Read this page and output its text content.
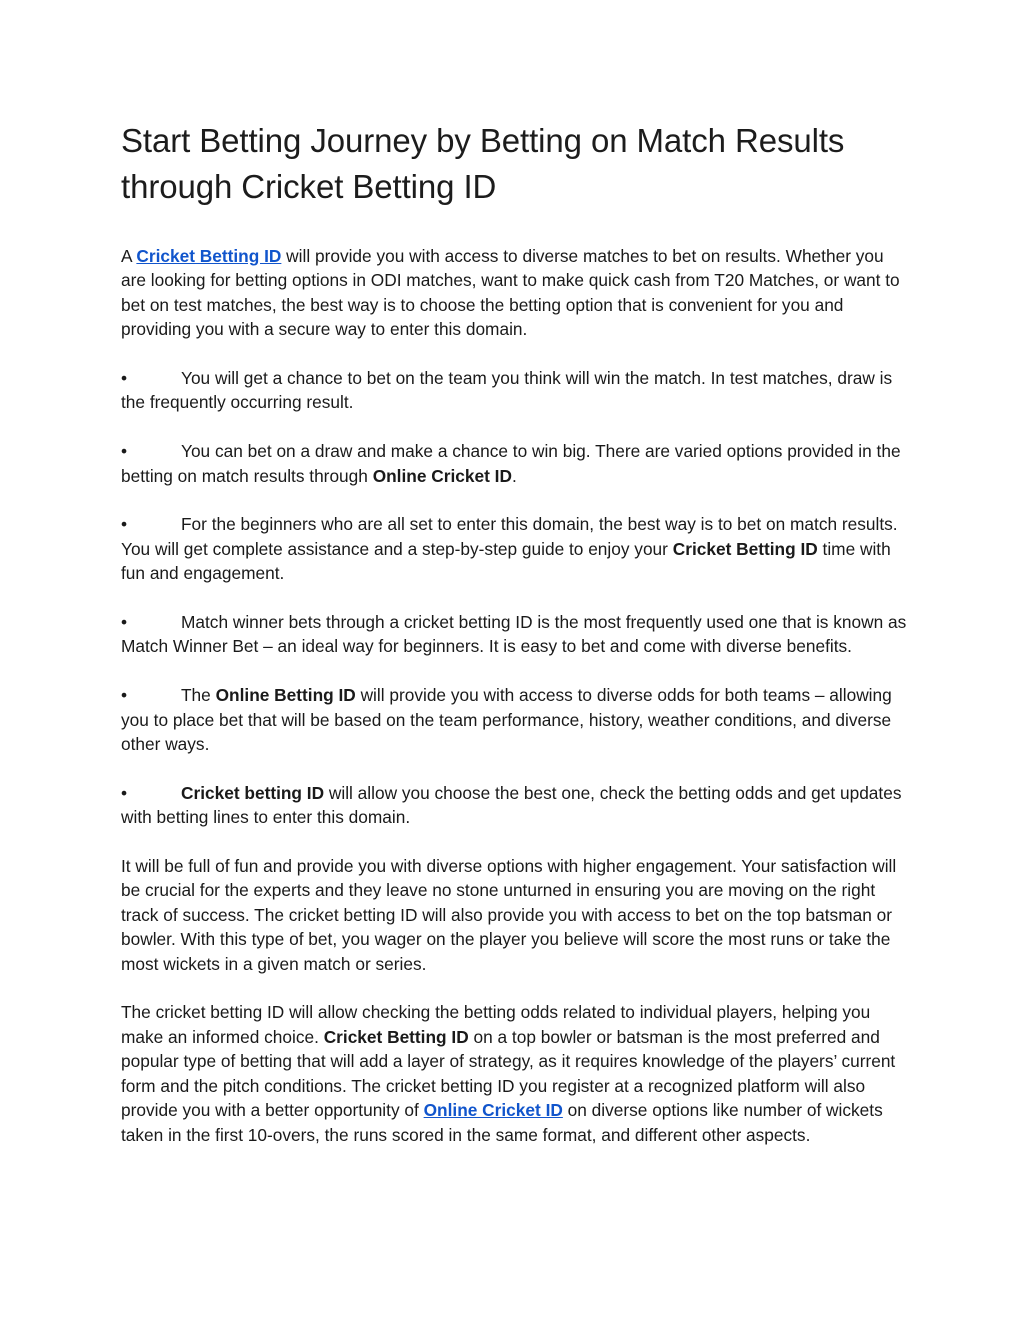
Start Betting Journey by Betting on Match Results through Cricket Betting ID

A Cricket Betting ID will provide you with access to diverse matches to bet on results. Whether you are looking for betting options in ODI matches, want to make quick cash from T20 Matches, or want to bet on test matches, the best way is to choose the betting option that is convenient for you and providing you with a secure way to enter this domain.

•	You will get a chance to bet on the team you think will win the match. In test matches, draw is the frequently occurring result.

•	You can bet on a draw and make a chance to win big. There are varied options provided in the betting on match results through Online Cricket ID.

•	For the beginners who are all set to enter this domain, the best way is to bet on match results. You will get complete assistance and a step-by-step guide to enjoy your Cricket Betting ID time with fun and engagement.

•	Match winner bets through a cricket betting ID is the most frequently used one that is known as Match Winner Bet – an ideal way for beginners. It is easy to bet and come with diverse benefits.

•	The Online Betting ID will provide you with access to diverse odds for both teams – allowing you to place bet that will be based on the team performance, history, weather conditions, and diverse other ways.

•	Cricket betting ID will allow you choose the best one, check the betting odds and get updates with betting lines to enter this domain.

It will be full of fun and provide you with diverse options with higher engagement. Your satisfaction will be crucial for the experts and they leave no stone unturned in ensuring you are moving on the right track of success. The cricket betting ID will also provide you with access to bet on the top batsman or bowler. With this type of bet, you wager on the player you believe will score the most runs or take the most wickets in a given match or series.

The cricket betting ID will allow checking the betting odds related to individual players, helping you make an informed choice. Cricket Betting ID on a top bowler or batsman is the most preferred and popular type of betting that will add a layer of strategy, as it requires knowledge of the players’ current form and the pitch conditions. The cricket betting ID you register at a recognized platform will also provide you with a better opportunity of Online Cricket ID on diverse options like number of wickets taken in the first 10-overs, the runs scored in the same format, and different other aspects.
